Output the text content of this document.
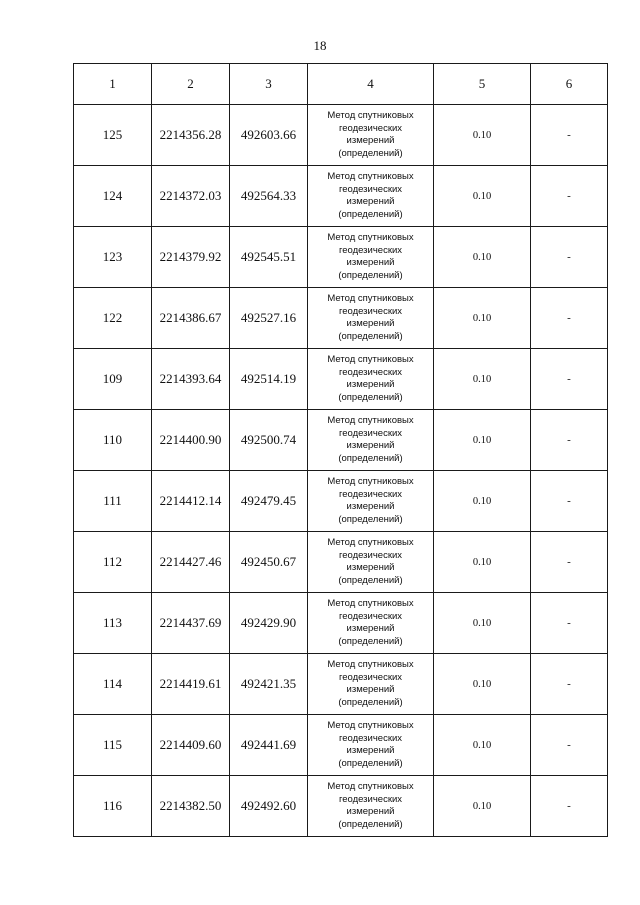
18
1	2	3	4	5	6
125	2214356.28	492603.66	Метод спутниковых
геодезических
измерений
(определений)	0.10	-
124	2214372.03	492564.33	Метод спутниковых
геодезических
измерений
(определений)	0.10	-
123	2214379.92	492545.51	Метод спутниковых
геодезических
измерений
(определений)	0.10	-
122	2214386.67	492527.16	Метод спутниковых
геодезических
измерений
(определений)	0.10	-
109	2214393.64	492514.19	Метод спутниковых
геодезических
измерений
(определений)	0.10	-
110	2214400.90	492500.74	Метод спутниковых
геодезических
измерений
(определений)	0.10	-
111	2214412.14	492479.45	Метод спутниковых
геодезических
измерений
(определений)	0.10	-
112	2214427.46	492450.67	Метод спутниковых
геодезических
измерений
(определений)	0.10	-
113	2214437.69	492429.90	Метод спутниковых
геодезических
измерений
(определений)	0.10	-
114	2214419.61	492421.35	Метод спутниковых
геодезических
измерений
(определений)	0.10	-
115	2214409.60	492441.69	Метод спутниковых
геодезических
измерений
(определений)	0.10	-
116	2214382.50	492492.60	Метод спутниковых
геодезических
измерений
(определений)	0.10	-
